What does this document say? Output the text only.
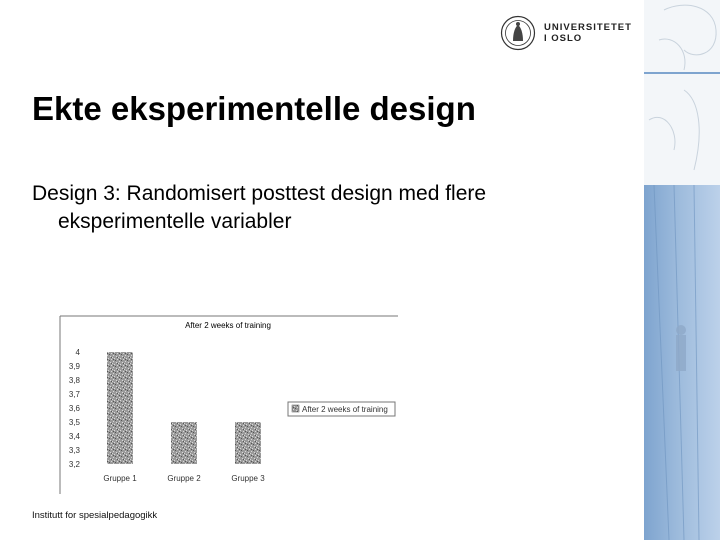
UNIVERSITETET
I OSLO
Ekte eksperimentelle design
Design 3: Randomisert posttest design med flere
eksperimentelle variabler
After 2 weeks of training
4
3,9
3,8
3,7
3,6
3,5
3,4
3,3
3,2
Gruppe 1	Gruppe 2	Gruppe 3
After 2 weeks of training
Institutt for spesialpedagogikk
